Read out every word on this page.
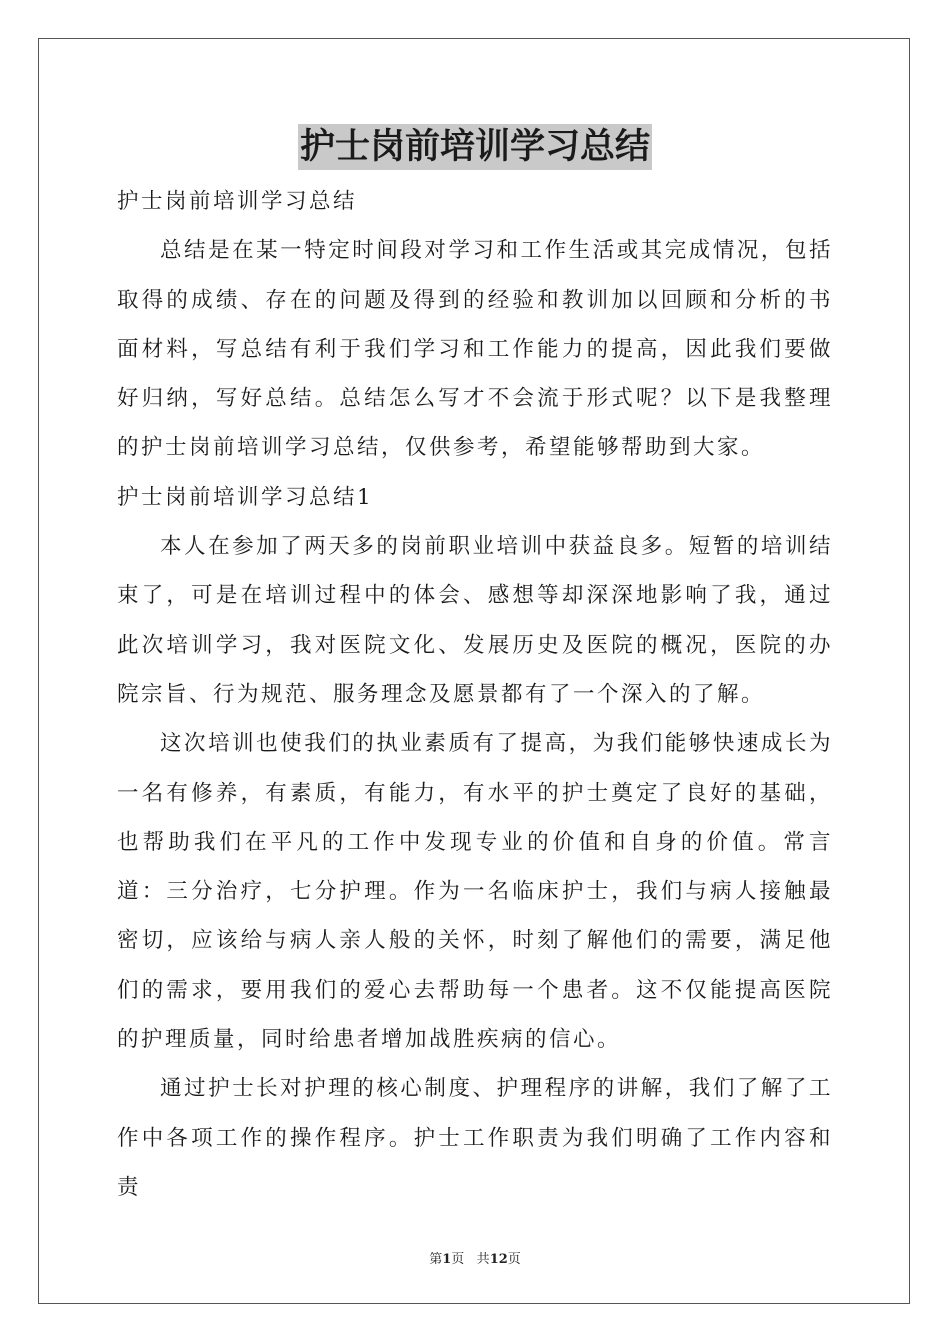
护士岗前培训学习总结

护士岗前培训学习总结

总结是在某一特定时间段对学习和工作生活或其完成情况，包括取得的成绩、存在的问题及得到的经验和教训加以回顾和分析的书面材料，写总结有利于我们学习和工作能力的提高，因此我们要做好归纳，写好总结。总结怎么写才不会流于形式呢？以下是我整理的护士岗前培训学习总结，仅供参考，希望能够帮助到大家。

护士岗前培训学习总结1

本人在参加了两天多的岗前职业培训中获益良多。短暂的培训结束了，可是在培训过程中的体会、感想等却深深地影响了我，通过此次培训学习，我对医院文化、发展历史及医院的概况，医院的办院宗旨、行为规范、服务理念及愿景都有了一个深入的了解。

这次培训也使我们的执业素质有了提高，为我们能够快速成长为一名有修养，有素质，有能力，有水平的护士奠定了良好的基础，也帮助我们在平凡的工作中发现专业的价值和自身的价值。常言道：三分治疗，七分护理。作为一名临床护士，我们与病人接触最密切，应该给与病人亲人般的关怀，时刻了解他们的需要，满足他们的需求，要用我们的爱心去帮助每一个患者。这不仅能提高医院的护理质量，同时给患者增加战胜疾病的信心。

通过护士长对护理的核心制度、护理程序的讲解，我们了解了工作中各项工作的操作程序。护士工作职责为我们明确了工作内容和责

第1页 共12页
